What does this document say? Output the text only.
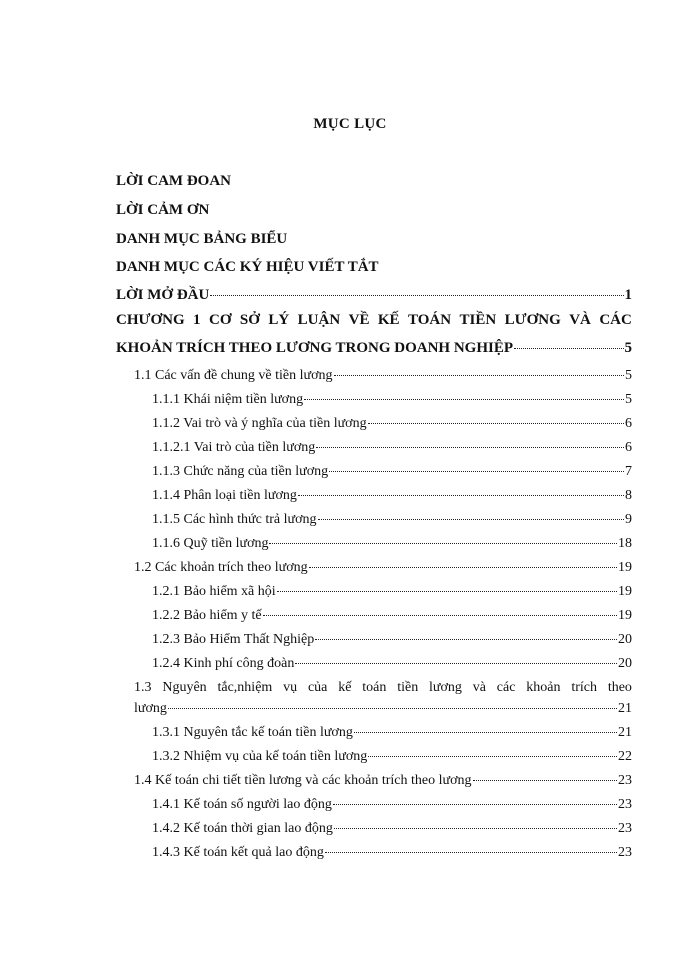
MỤC LỤC
LỜI CAM ĐOAN
LỜI CẢM ƠN
DANH MỤC BẢNG BIỂU
DANH MỤC CÁC KÝ HIỆU VIẾT TẮT
LỜI MỞ ĐẦU	1
CHƯƠNG 1 CƠ SỞ LÝ LUẬN VỀ KẾ TOÁN TIỀN LƯƠNG VÀ CÁC
KHOẢN TRÍCH THEO LƯƠNG TRONG DOANH NGHIỆP	5
1.1 Các vấn đề chung về tiền lương	5
1.1.1 Khái niệm tiền lương	5
1.1.2 Vai trò và ý nghĩa của tiền lương	6
1.1.2.1 Vai trò của tiền lương	6
1.1.3 Chức năng của tiền lương	7
1.1.4 Phân loại tiền lương	8
1.1.5 Các hình thức trả lương	9
1.1.6 Quỹ tiền lương	18
1.2 Các khoản trích theo lương	19
1.2.1 Bảo hiểm xã hội	19
1.2.2 Bảo hiểm y tế	19
1.2.3 Bảo Hiểm Thất Nghiệp	20
1.2.4 Kinh phí công đoàn	20
1.3 Nguyên tắc,nhiệm vụ của kế toán tiền lương và các khoản trích theo
lương	21
1.3.1 Nguyên tắc kế toán tiền lương	21
1.3.2 Nhiệm vụ của kế toán tiền lương	22
1.4 Kế toán chi tiết tiền lương và các khoản trích theo lương	23
1.4.1 Kế toán số người lao động	23
1.4.2 Kế toán thời gian lao động	23
1.4.3 Kế toán kết quả lao động	23
